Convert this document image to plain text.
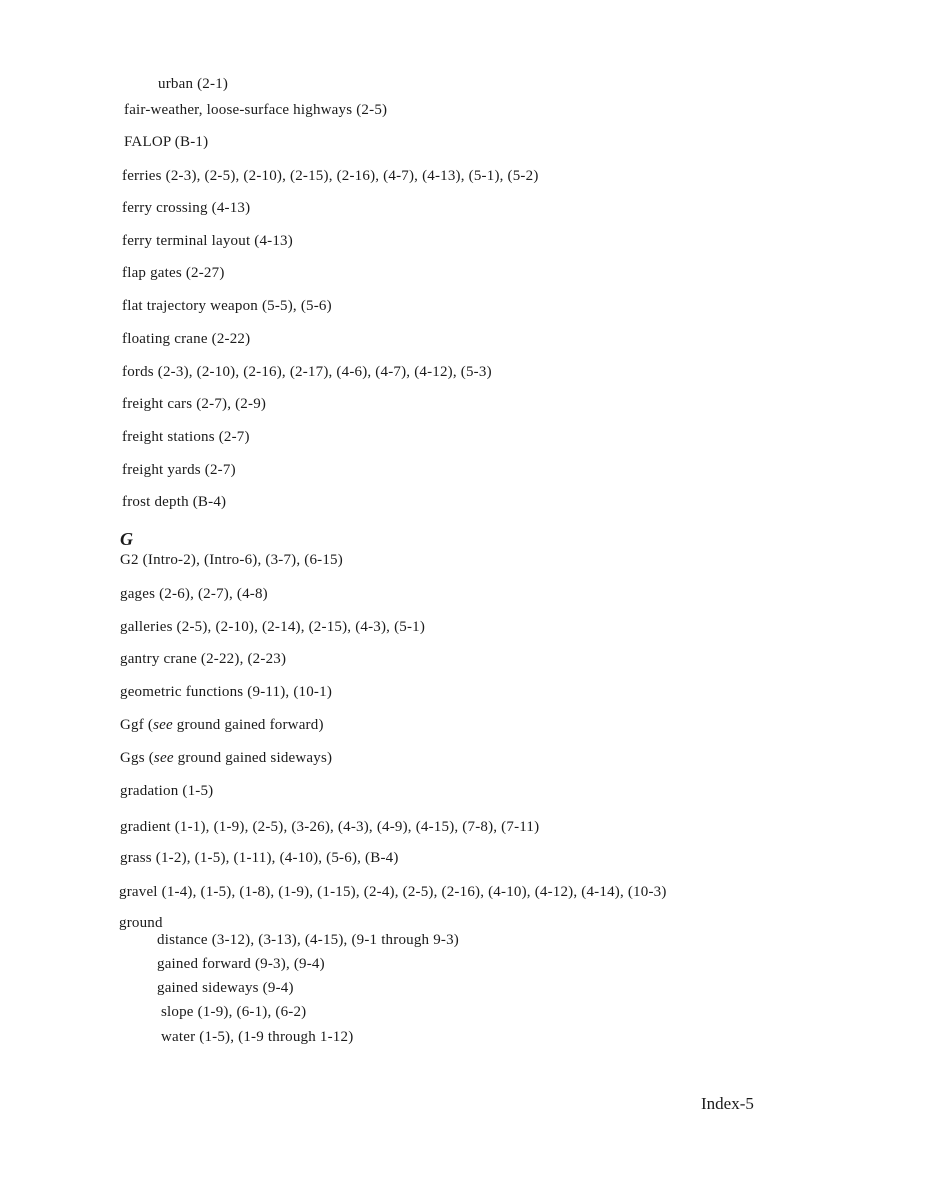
urban (2-1)
fair-weather, loose-surface highways (2-5)
FALOP (B-1)
ferries (2-3), (2-5), (2-10), (2-15), (2-16), (4-7), (4-13), (5-1), (5-2)
ferry crossing (4-13)
ferry terminal layout (4-13)
flap gates (2-27)
flat trajectory weapon (5-5), (5-6)
floating crane (2-22)
fords (2-3), (2-10), (2-16), (2-17), (4-6), (4-7), (4-12), (5-3)
freight cars (2-7), (2-9)
freight stations (2-7)
freight yards (2-7)
frost depth (B-4)
G
G2 (Intro-2), (Intro-6), (3-7), (6-15)
gages (2-6), (2-7), (4-8)
galleries (2-5), (2-10), (2-14), (2-15), (4-3), (5-1)
gantry crane (2-22), (2-23)
geometric functions (9-11), (10-1)
Ggf (see ground gained forward)
Ggs (see ground gained sideways)
gradation (1-5)
gradient (1-1), (1-9), (2-5), (3-26), (4-3), (4-9), (4-15), (7-8), (7-11)
grass (1-2), (1-5), (1-11), (4-10), (5-6), (B-4)
gravel (1-4), (1-5), (1-8), (1-9), (1-15), (2-4), (2-5), (2-16), (4-10), (4-12), (4-14), (10-3)
ground
distance (3-12), (3-13), (4-15), (9-1 through 9-3)
gained forward (9-3), (9-4)
gained sideways (9-4)
slope (1-9), (6-1), (6-2)
water (1-5), (1-9 through 1-12)
Index-5
